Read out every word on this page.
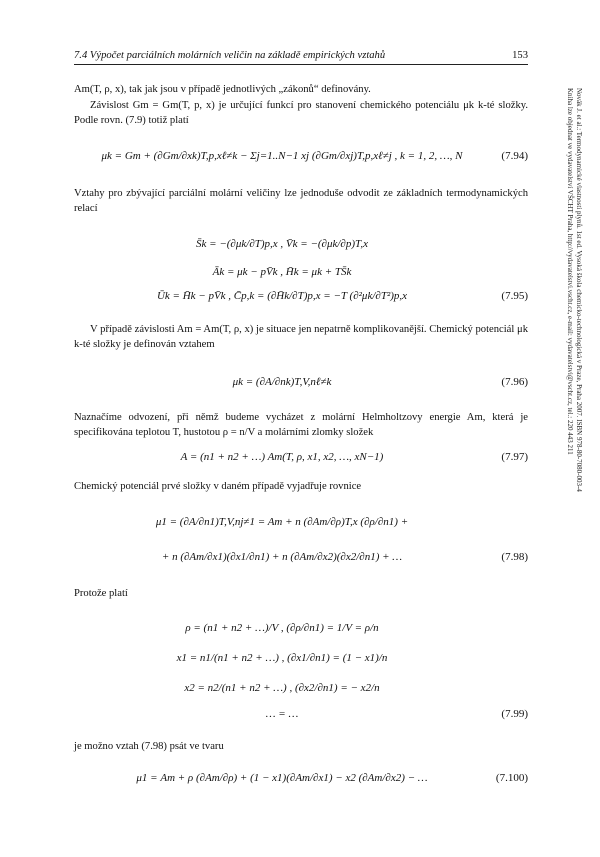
7.4 Výpočet parciálních molárních veličin na základě empirických vztahů	153
Novák J. et al.: Termodynamické vlastnosti plynů. 1st ed. Vysoká škola chemicko-technologická v Praze, Praha 2007. ISBN 978-80-7080-003-4
Kniha lze objednat ve vydavatelství VŠCHT Praha, http://vydavatelstvi.vscht.cz, e-mail: vydavatelstvi@vscht.cz, tel.: 220 443 211
Am(T, ρ, x), tak jak jsou v případě jednotlivých „zákonů“ definovány.
Závislost Gm = Gm(T, p, x) je určující funkcí pro stanovení chemického potenciálu μk k-té složky. Podle rovn. (7.9) totiž platí
μk = Gm + (∂Gm/∂xk)T,p,xℓ≠k − Σj=1..N−1 xj (∂Gm/∂xj)T,p,xℓ≠j , k = 1, 2, …, N	(7.94)
Vztahy pro zbývající parciální molární veličiny lze jednoduše odvodit ze základních termodynamických relací
S̄k = −(∂μk/∂T)p,x , V̄k = −(∂μk/∂p)T,x
Āk = μk − pV̄k , H̄k = μk + TS̄k
Ūk = H̄k − pV̄k , C̄p,k = (∂H̄k/∂T)p,x = −T (∂²μk/∂T²)p,x	(7.95)
V případě závislosti Am = Am(T, ρ, x) je situace jen nepatrně komplikovanější. Chemický potenciál μk k-té složky je definován vztahem
μk = (∂A/∂nk)T,V,nℓ≠k	(7.96)
Naznačíme odvození, při němž budeme vycházet z molární Helmholtzovy energie Am, která je specifikována teplotou T, hustotou ρ = n/V a molárními zlomky složek
A = (n1 + n2 + …) Am(T, ρ, x1, x2, …, xN−1)	(7.97)
Chemický potenciál prvé složky v daném případě vyjadřuje rovnice
μ1 = (∂A/∂n1)T,V,nj≠1 = Am + n (∂Am/∂ρ)T,x (∂ρ/∂n1) +
+ n (∂Am/∂x1)(∂x1/∂n1) + n (∂Am/∂x2)(∂x2/∂n1) + …	(7.98)
Protože platí
ρ = (n1 + n2 + …)/V , (∂ρ/∂n1) = 1/V = ρ/n
x1 = n1/(n1 + n2 + …) , (∂x1/∂n1) = (1 − x1)/n
x2 = n2/(n1 + n2 + …) , (∂x2/∂n1) = − x2/n
… = …	(7.99)
je možno vztah (7.98) psát ve tvaru
μ1 = Am + ρ (∂Am/∂ρ) + (1 − x1)(∂Am/∂x1) − x2 (∂Am/∂x2) − …	(7.100)
